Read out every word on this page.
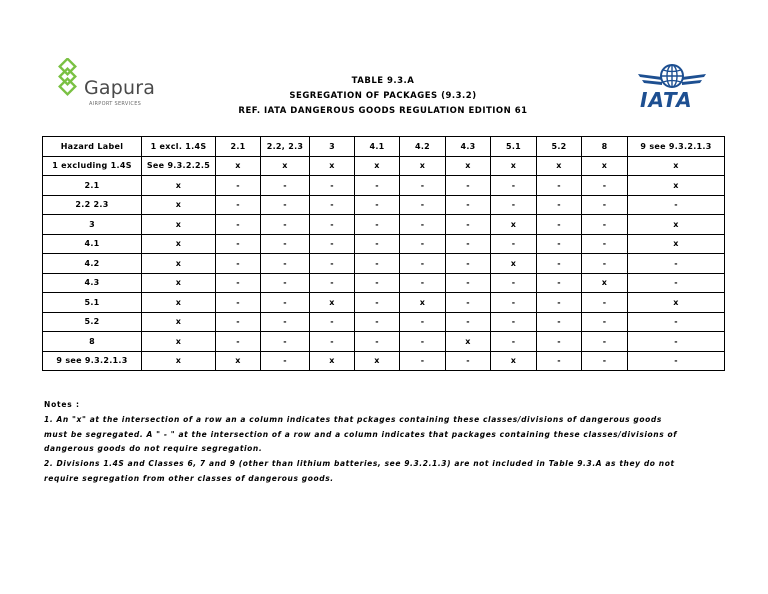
Gapura
AIRPORT SERVICES	IATA
TABLE 9.3.A
SEGREGATION OF PACKAGES (9.3.2)
REF. IATA DANGEROUS GOODS REGULATION EDITION 61
Hazard Label	1 excl. 1.4S	2.1	2.2, 2.3	3	4.1	4.2	4.3	5.1	5.2	8	9 see 9.3.2.1.3
1 excluding 1.4S	See 9.3.2.2.5	x	x	x	x	x	x	x	x	x	x
2.1	x	-	-	-	-	-	-	-	-	-	x
2.2 2.3	x	-	-	-	-	-	-	-	-	-	-
3	x	-	-	-	-	-	-	x	-	-	x
4.1	x	-	-	-	-	-	-	-	-	-	x
4.2	x	-	-	-	-	-	-	x	-	-	-
4.3	x	-	-	-	-	-	-	-	-	x	-
5.1	x	-	-	x	-	x	-	-	-	-	x
5.2	x	-	-	-	-	-	-	-	-	-	-
8	x	-	-	-	-	-	x	-	-	-	-
9 see 9.3.2.1.3	x	x	-	x	x	-	-	x	-	-	-

Notes :

1. An "x" at the intersection of a row an a column indicates that pckages containing these classes/divisions of dangerous goods

must be segregated. A " - " at the intersection of a row and a column indicates that packages containing these classes/divisions of

dangerous goods do not require segregation.

2. Divisions 1.4S and Classes 6, 7 and 9 (other than lithium batteries, see 9.3.2.1.3) are not included in Table 9.3.A as they do not

require segregation from other classes of dangerous goods.
